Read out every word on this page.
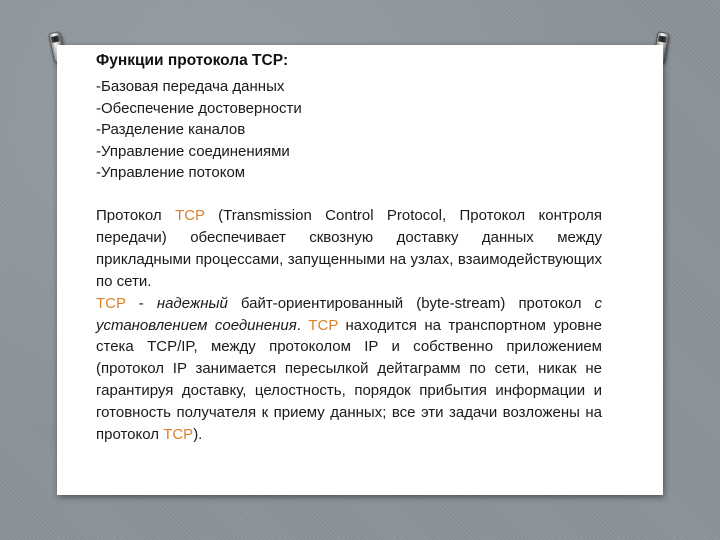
Функции протокола TCP:
-Базовая передача данных
-Обеспечение достоверности
-Разделение каналов
-Управление соединениями
-Управление потоком
Протокол TCP (Transmission Control Protocol, Протокол контроля передачи) обеспечивает сквозную доставку данных между прикладными процессами, запущенными на узлах, взаимодействующих по сети.
TCP - надежный байт-ориентированный (byte-stream) протокол с установлением соединения. TCP находится на транспортном уровне стека TCP/IP, между протоколом IP и собственно приложением (протокол IP занимается пересылкой дейтаграмм по сети, никак не гарантируя доставку, целостность, порядок прибытия информации и готовность получателя к приему данных; все эти задачи возложены на протокол TCP).
